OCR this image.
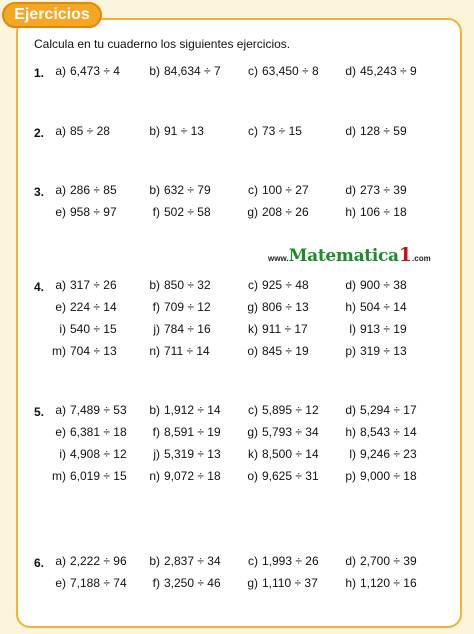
Ejercicios
Calcula en tu cuaderno los siguientes ejercicios.
www. Matematica 1 .com
1. a) 6,473 ÷ 4	b) 84,634 ÷ 7	c) 63,450 ÷ 8	d) 45,243 ÷ 9
2. a) 85 ÷ 28	b) 91 ÷ 13	c) 73 ÷ 15	d) 128 ÷ 59
3. a) 286 ÷ 85	b) 632 ÷ 79	c) 100 ÷ 27	d) 273 ÷ 39
e) 958 ÷ 97	f) 502 ÷ 58	g) 208 ÷ 26	h) 106 ÷ 18
4. a) 317 ÷ 26	b) 850 ÷ 32	c) 925 ÷ 48	d) 900 ÷ 38
e) 224 ÷ 14	f) 709 ÷ 12	g) 806 ÷ 13	h) 504 ÷ 14
i) 540 ÷ 15	j) 784 ÷ 16	k) 911 ÷ 17	l) 913 ÷ 19
m) 704 ÷ 13	n) 711 ÷ 14	o) 845 ÷ 19	p) 319 ÷ 13
5. a) 7,489 ÷ 53	b) 1,912 ÷ 14	c) 5,895 ÷ 12	d) 5,294 ÷ 17
e) 6,381 ÷ 18	f) 8,591 ÷ 19	g) 5,793 ÷ 34	h) 8,543 ÷ 14
i) 4,908 ÷ 12	j) 5,319 ÷ 13	k) 8,500 ÷ 14	l) 9,246 ÷ 23
m) 6,019 ÷ 15	n) 9,072 ÷ 18	o) 9,625 ÷ 31	p) 9,000 ÷ 18
6. a) 2,222 ÷ 96	b) 2,837 ÷ 34	c) 1,993 ÷ 26	d) 2,700 ÷ 39
e) 7,188 ÷ 74	f) 3,250 ÷ 46	g) 1,110 ÷ 37	h) 1,120 ÷ 16
